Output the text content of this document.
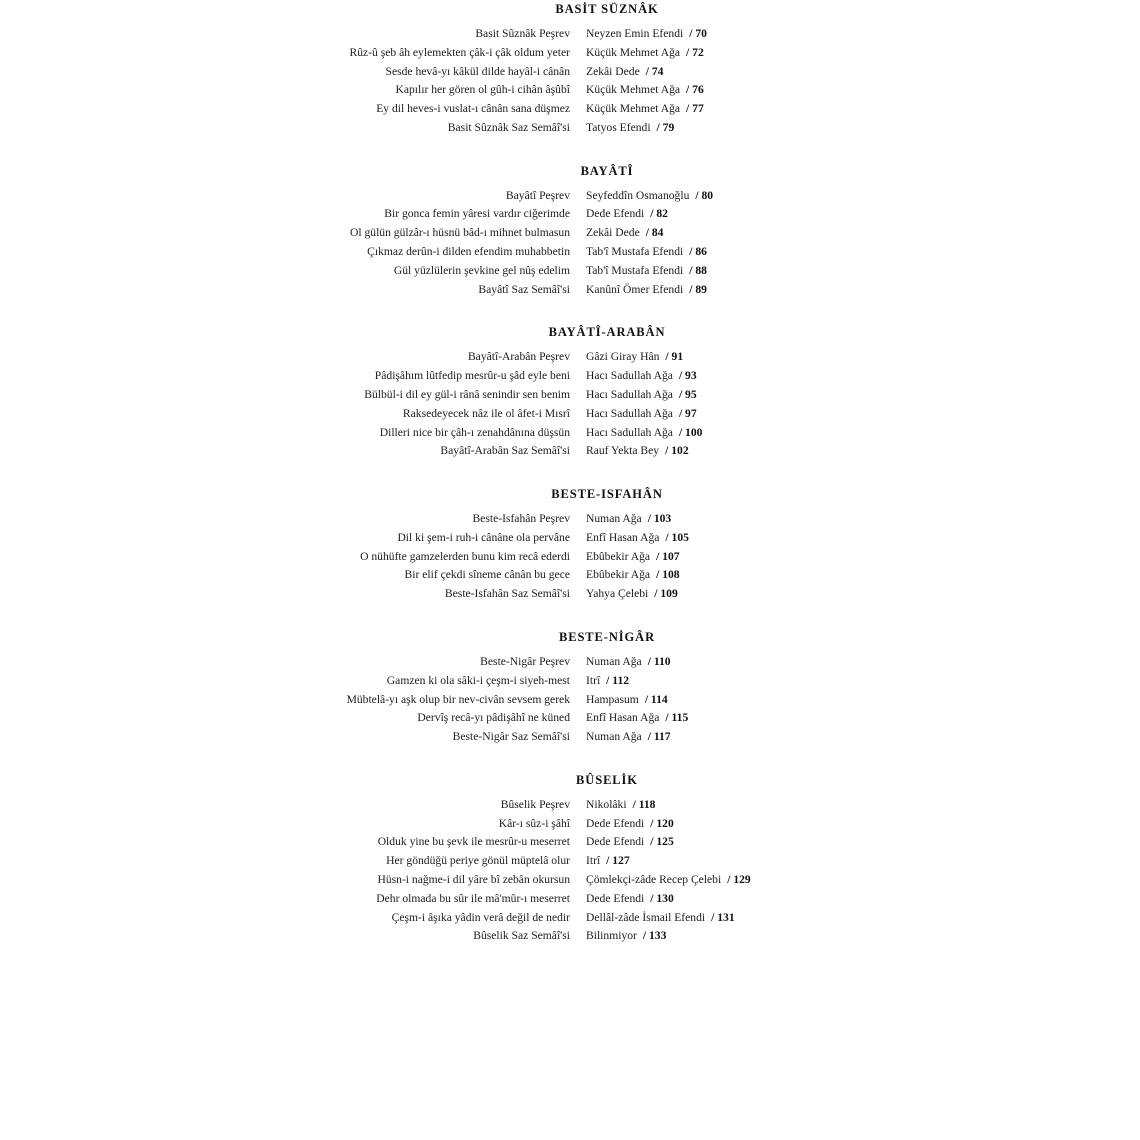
BASİT SÜZNÂK
Basit Sûznâk Peşrev	Neyzen Emin Efendi / 70
Rûz-û şeb âh eylemekten çâk-i çâk oldum yeter	Küçük Mehmet Ağa / 72
Sesde hevâ-yı kâkül dilde hayâl-i cânân	Zekâi Dede / 74
Kapılır her gören ol gûh-i cihân âşûbî	Küçük Mehmet Ağa / 76
Ey dil heves-i vuslat-ı cânân sana düşmez	Küçük Mehmet Ağa / 77
Basit Sûznâk Saz Semâî'si	Tatyos Efendi / 79
BAYÂTÎ
Bayâtî Peşrev	Seyfeddîn Osmanoğlu / 80
Bir gonca femin yâresi vardır ciğerimde	Dede Efendi / 82
Ol gülün gülzâr-ı hüsnü bâd-ı mihnet bulmasun	Zekâi Dede / 84
Çıkmaz derûn-i dilden efendim muhabbetin	Tab'î Mustafa Efendi / 86
Gül yüzlülerin şevkine gel nûş edelim	Tab'î Mustafa Efendi / 88
Bayâtî Saz Semâî'si	Kanûnî Ömer Efendi / 89
BAYÂTÎ-ARABÂN
Bayâtî-Arabân Peşrev	Gâzi Giray Hân / 91
Pâdişâhım lûtfedip mesrûr-u şâd eyle beni	Hacı Sadullah Ağa / 93
Bülbül-i dil ey gül-i rânâ senindir sen benim	Hacı Sadullah Ağa / 95
Raksedeyecek nâz ile ol âfet-i Mısrî	Hacı Sadullah Ağa / 97
Dilleri nice bir çâh-ı zenahdânına düşsün	Hacı Sadullah Ağa / 100
Bayâtî-Arabân Saz Semâî'si	Rauf Yekta Bey / 102
BESTE-ISFAHÂN
Beste-Isfahân Peşrev	Numan Ağa / 103
Dil ki şem-i ruh-i cânâne ola pervâne	Enfî Hasan Ağa / 105
O nühüfte gamzelerden bunu kim recâ ederdi	Ebûbekir Ağa / 107
Bir elif çekdi sîneme cânân bu gece	Ebûbekir Ağa / 108
Beste-Isfahân Saz Semâî'si	Yahya Çelebi / 109
BESTE-NİGÂR
Beste-Nigâr Peşrev	Numan Ağa / 110
Gamzen ki ola sâki-i çeşm-i siyeh-mest	Itrî / 112
Mübtelâ-yı aşk olup bir nev-civân sevsem gerek	Hampasum / 114
Dervîş recâ-yı pâdişâhî ne küned	Enfî Hasan Ağa / 115
Beste-Nigâr Saz Semâî'si	Numan Ağa / 117
BÛSELİK
Bûselik Peşrev	Nikolâki / 118
Kâr-ı sûz-i şâhî	Dede Efendi / 120
Olduk yine bu şevk ile mesrûr-u meserret	Dede Efendi / 125
Her göndüğü periye gönül müptelâ olur	Itrî / 127
Hüsn-i nağme-i dil yâre bî zebân okursun	Çömlekçi-zâde Recep Çelebi / 129
Dehr olmada bu sûr ile mâ'mûr-ı meserret	Dede Efendi / 130
Çeşm-i âşıka yâdin verâ değil de nedir	Dellâl-zâde İsmail Efendi / 131
Bûselik Saz Semâî'si	Bilinmiyor / 133
